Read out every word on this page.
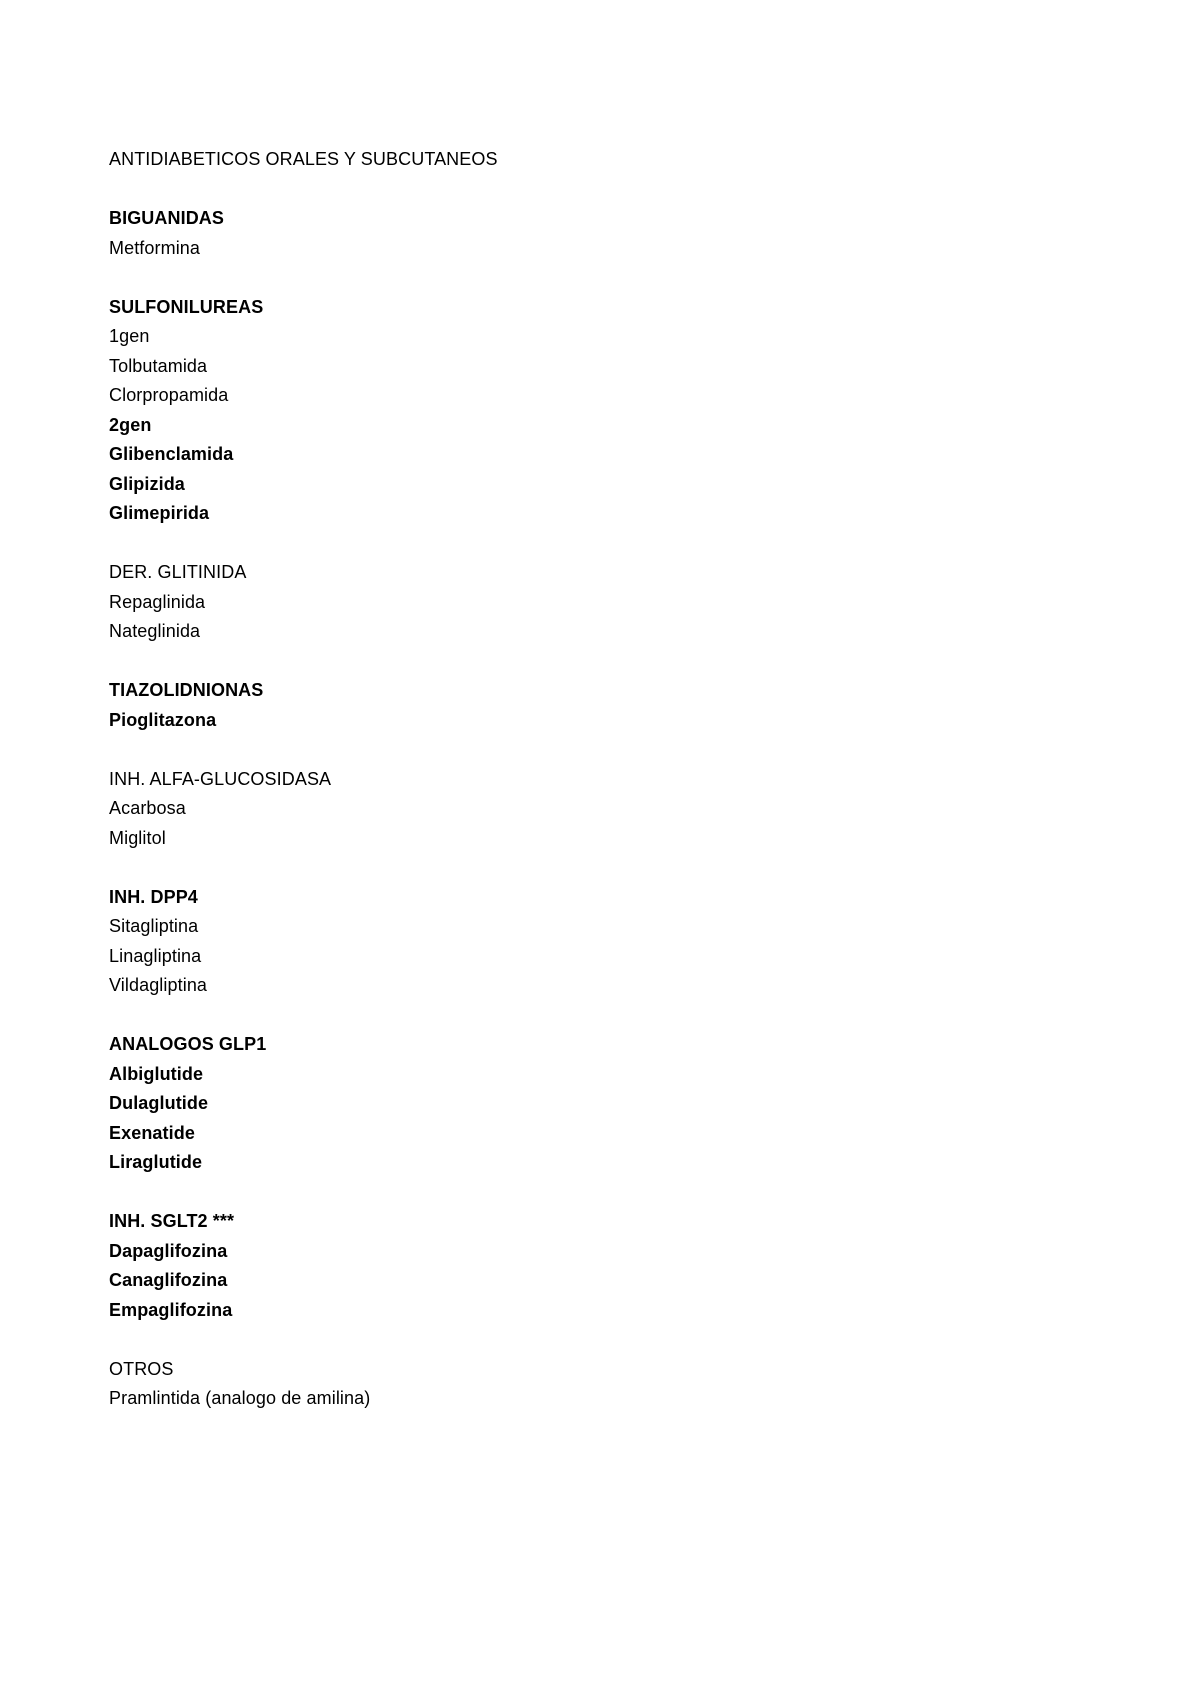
ANTIDIABETICOS ORALES Y SUBCUTANEOS
BIGUANIDAS
Metformina
SULFONILUREAS
1gen
Tolbutamida
Clorpropamida
2gen
Glibenclamida
Glipizida
Glimepirida
DER. GLITINIDA
Repaglinida
Nateglinida
TIAZOLIDNIONAS
Pioglitazona
INH. ALFA-GLUCOSIDASA
Acarbosa
Miglitol
INH. DPP4
Sitagliptina
Linagliptina
Vildagliptina
ANALOGOS GLP1
Albiglutide
Dulaglutide
Exenatide
Liraglutide
INH. SGLT2 ***
Dapaglifozina
Canaglifozina
Empaglifozina
OTROS
Pramlintida (analogo de amilina)
